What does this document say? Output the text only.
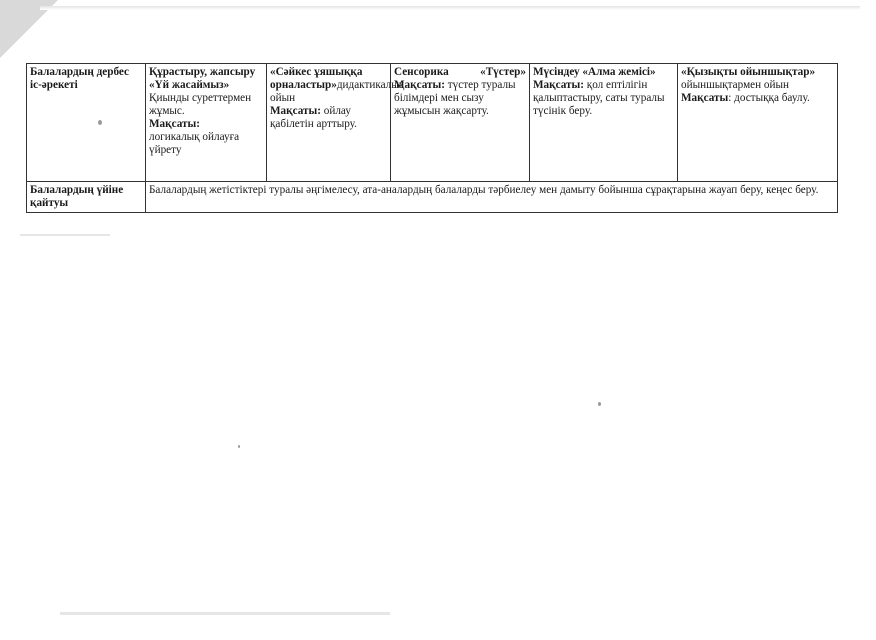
Балалардың дербес іс-әрекеті	Құрастыру, жапсыру «Үй жасаймыз»
Қиынды суреттермен жұмыс.
Мақсаты:
логикалық ойлауға үйрету	«Сәйкес ұяшыққа орналастыр»дидактикалық ойын
Мақсаты: ойлау қабілетін арттыру.	Сенсорика «Түстер»
Мақсаты: түстер туралы білімдері мен сызу жұмысын жақсарту.	Мүсіндеу «Алма жемісі»
Мақсаты: қол ептілігін қалыптастыру, саты туралы түсінік беру.	«Қызықты ойыншықтар»
ойыншықтармен ойын
Мақсаты: достыққа баулу.
Балалардың үйіне қайтуы	Балалардың жетістіктері туралы әңгімелесу, ата-аналардың балаларды тәрбиелеу мен дамыту бойынша сұрақтарына жауап беру, кеңес беру.				
